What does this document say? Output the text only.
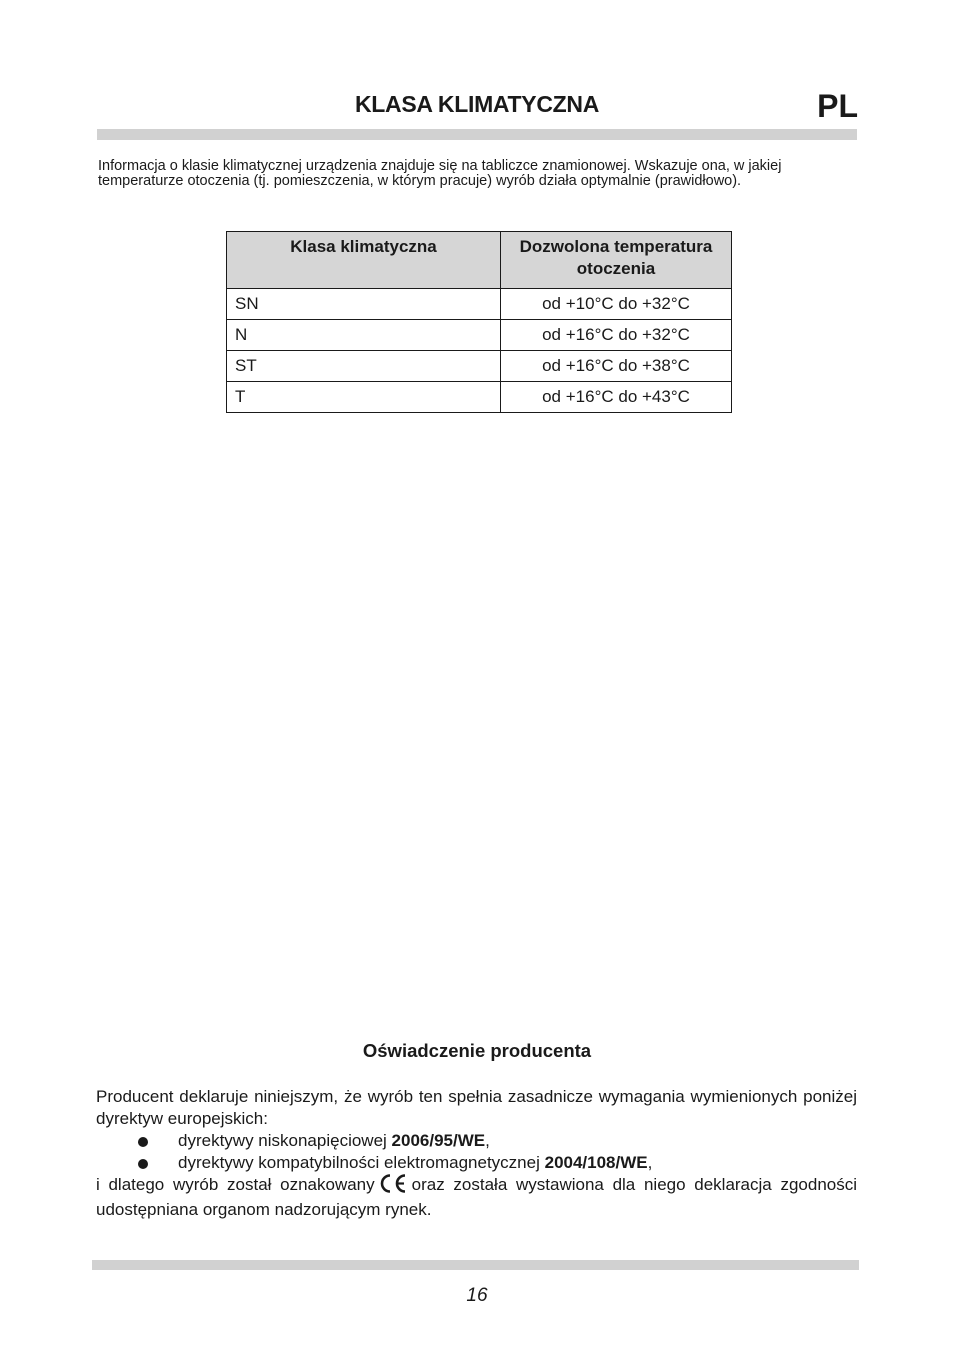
KLASA KLIMATYCZNA	PL
Informacja o klasie klimatycznej urządzenia znajduje się na tabliczce znamionowej. Wskazuje ona, w jakiej
temperaturze otoczenia (tj. pomieszczenia, w którym pracuje) wyrób działa optymalnie (prawidłowo).
Klasa klimatyczna	Dozwolona temperatura otoczenia
SN	od +10°C do +32°C
N	od +16°C do +32°C
ST	od +16°C do +38°C
T	od +16°C do +43°C
Oświadczenie producenta

Producent deklaruje niniejszym, że wyrób ten spełnia zasadnicze wymagania wymienionych poniżej dyrektyw europejskich:

dyrektywy niskonapięciowej 2006/95/WE,
dyrektywy kompatybilności elektromagnetycznej 2004/108/WE,

i dlatego wyrób został oznakowany oraz została wystawiona dla niego deklaracja zgodności udostępniana organom nadzorującym rynek.

16
